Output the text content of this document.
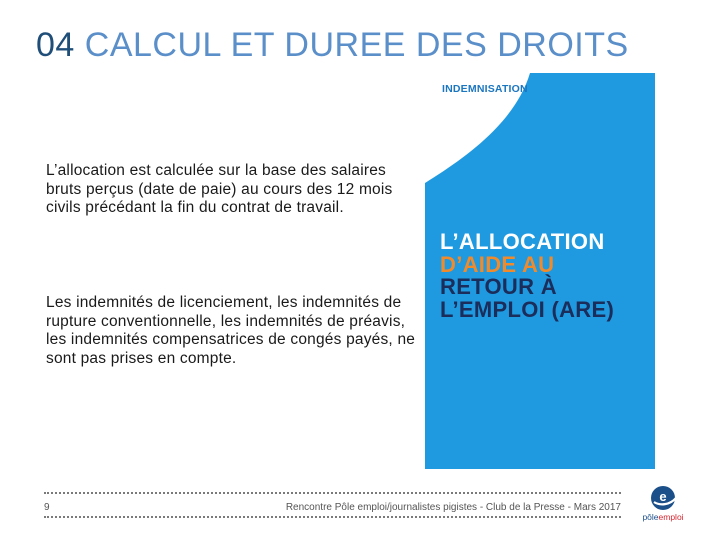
04 CALCUL ET DUREE DES DROITS

L’allocation est calculée sur la base des salaires bruts perçus (date de paie) au cours des 12 mois civils précédant la fin du contrat de travail.

Les indemnités de licenciement, les indemnités de rupture conventionnelle, les indemnités de préavis, les indemnités compensatrices de congés payés, ne sont pas prises en compte.

INDEMNISATION
L’ALLOCATION
D’AIDE AU
RETOUR À
L’EMPLOI (ARE)
9	Rencontre Pôle emploi/journalistes pigistes - Club de la Presse - Mars 2017
e
pôleemploi
